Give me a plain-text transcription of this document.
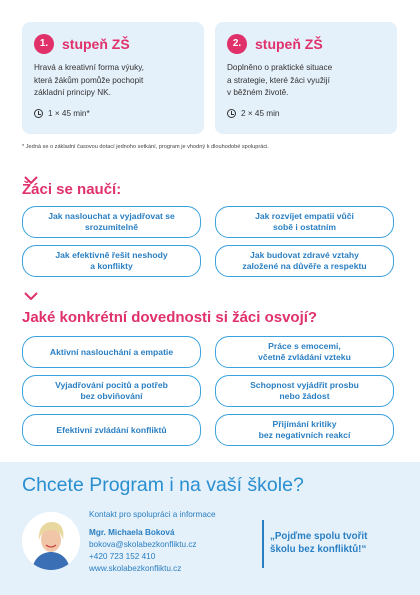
1. stupeň ZŠ
Hravá a kreativní forma výuky,
která žákům pomůže pochopit
základní principy NK.
1 × 45 min*
2. stupeň ZŠ
Doplněno o praktické situace
a strategie, které žáci využijí
v běžném životě.
2 × 45 min
* Jedná se o základní časovou dotací jednoho setkání, program je vhodný k dlouhodobé spolupráci.
Žáci se naučí:
Jak naslouchat a vyjadřovat se
srozumitelně
Jak rozvíjet empatii vůči
sobě i ostatním
Jak efektivně řešit neshody
a konflikty
Jak budovat zdravé vztahy
založené na důvěře a respektu
Jaké konkrétní dovednosti si žáci osvojí?
Aktivní naslouchání a empatie
Práce s emocemi,
včetně zvládání vzteku
Vyjadřování pocitů a potřeb
bez obviňování
Schopnost vyjádřit prosbu
nebo žádost
Efektivní zvládání konfliktů
Přijímání kritiky
bez negativních reakcí
Chcete Program i na vaší škole?
Kontakt pro spolupráci a informace
Mgr. Michaela Boková
bokova@skolabezkonfliktu.cz
+420 723 152 410
www.skolabezkonfliktu.cz
„Pojďme spolu tvořit
školu bez konfliktů!“
